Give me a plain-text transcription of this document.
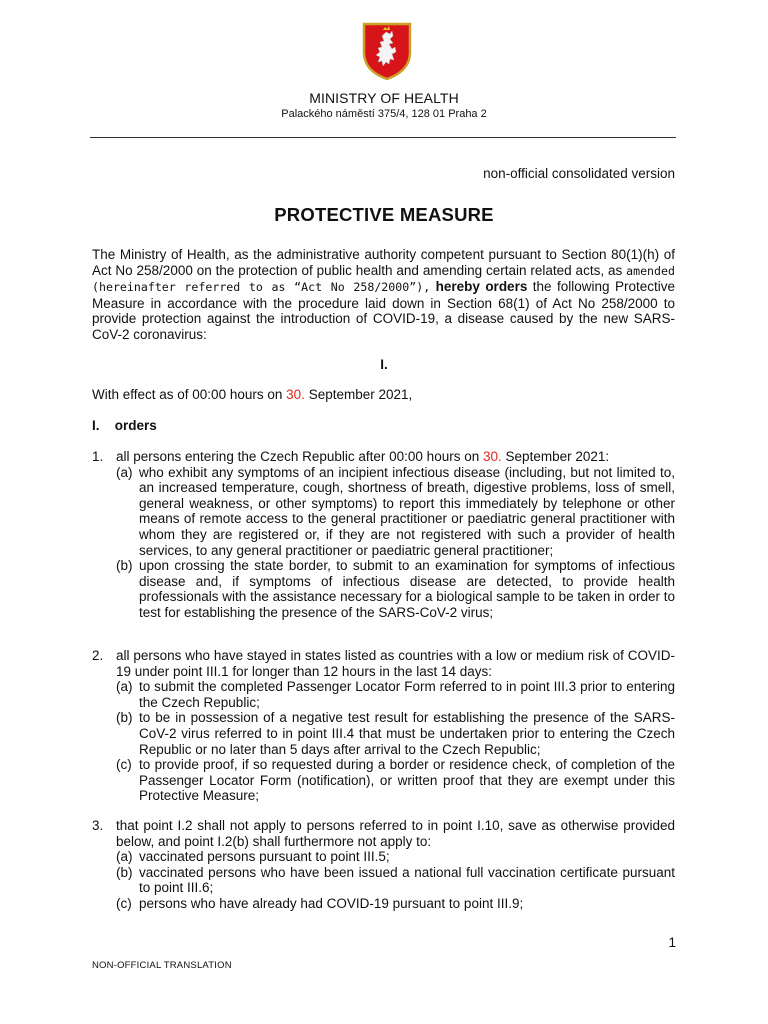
MINISTRY OF HEALTH
Palackého náměstí 375/4, 128 01 Praha 2
non-official consolidated version
PROTECTIVE MEASURE
The Ministry of Health, as the administrative authority competent pursuant to Section 80(1)(h) of Act No 258/2000 on the protection of public health and amending certain related acts, as amended (hereinafter referred to as “Act No 258/2000”), hereby orders the following Protective Measure in accordance with the procedure laid down in Section 68(1) of Act No 258/2000 to provide protection against the introduction of COVID-19, a disease caused by the new SARS-CoV-2 coronavirus:
I.
With effect as of 00:00 hours on 30. September 2021,
I. orders
1. all persons entering the Czech Republic after 00:00 hours on 30. September 2021:
(a) who exhibit any symptoms of an incipient infectious disease (including, but not limited to, an increased temperature, cough, shortness of breath, digestive problems, loss of smell, general weakness, or other symptoms) to report this immediately by telephone or other means of remote access to the general practitioner or paediatric general practitioner with whom they are registered or, if they are not registered with such a provider of health services, to any general practitioner or paediatric general practitioner;
(b) upon crossing the state border, to submit to an examination for symptoms of infectious disease and, if symptoms of infectious disease are detected, to provide health professionals with the assistance necessary for a biological sample to be taken in order to test for establishing the presence of the SARS-CoV-2 virus;
2. all persons who have stayed in states listed as countries with a low or medium risk of COVID-19 under point III.1 for longer than 12 hours in the last 14 days:
(a) to submit the completed Passenger Locator Form referred to in point III.3 prior to entering the Czech Republic;
(b) to be in possession of a negative test result for establishing the presence of the SARS-CoV-2 virus referred to in point III.4 that must be undertaken prior to entering the Czech Republic or no later than 5 days after arrival to the Czech Republic;
(c) to provide proof, if so requested during a border or residence check, of completion of the Passenger Locator Form (notification), or written proof that they are exempt under this Protective Measure;
3. that point I.2 shall not apply to persons referred to in point I.10, save as otherwise provided below, and point I.2(b) shall furthermore not apply to:
(a) vaccinated persons pursuant to point III.5;
(b) vaccinated persons who have been issued a national full vaccination certificate pursuant to point III.6;
(c) persons who have already had COVID-19 pursuant to point III.9;
1
NON-OFFICIAL TRANSLATION
